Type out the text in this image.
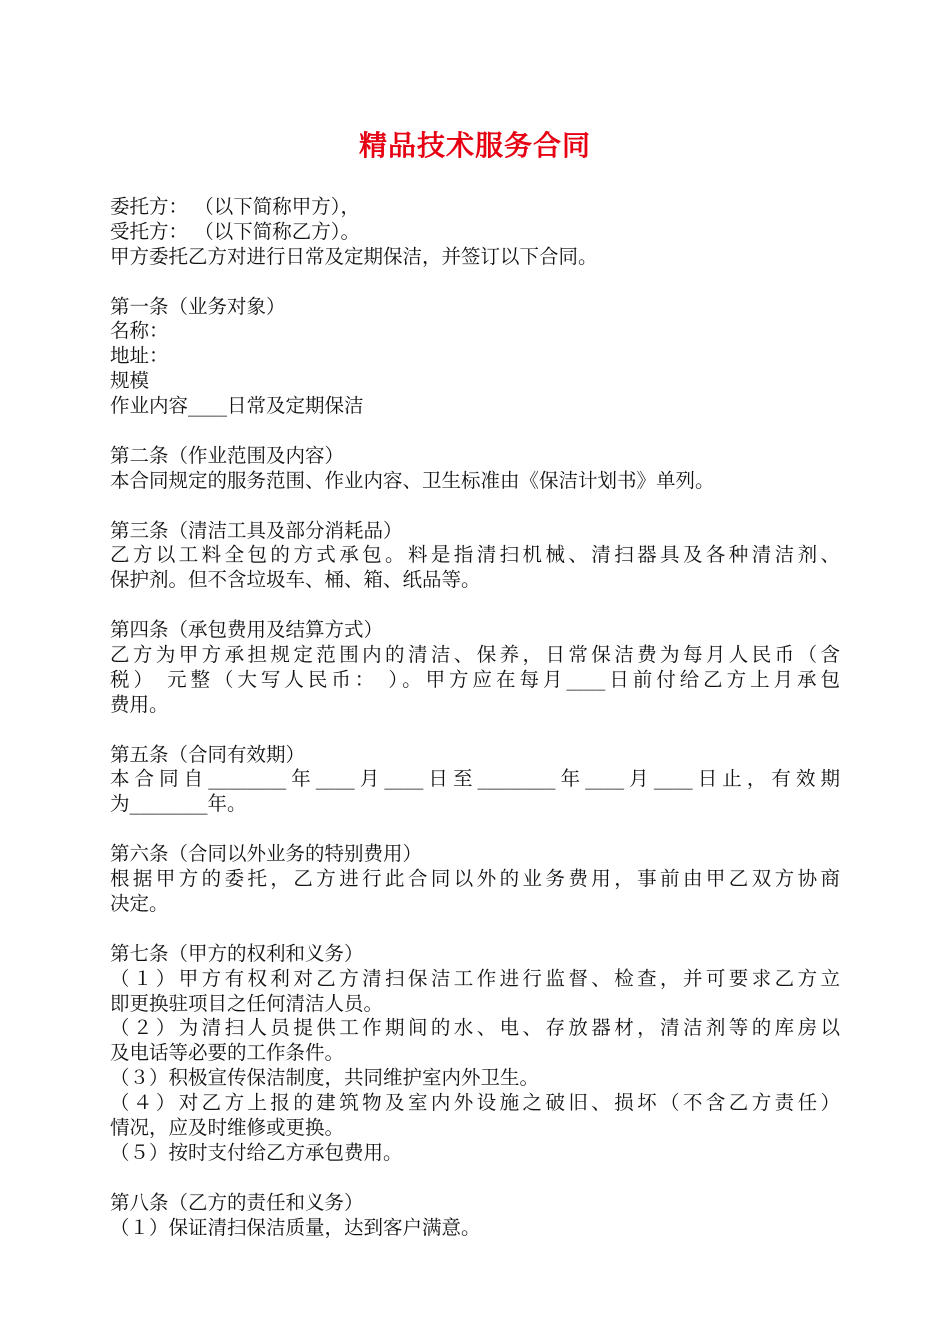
精品技术服务合同
委托方： （以下简称甲方），
受托方： （以下简称乙方）。
甲方委托乙方对进行日常及定期保洁，并签订以下合同。
第一条（业务对象）
名称：
地址：
规模
作业内容____日常及定期保洁
第二条（作业范围及内容）
本合同规定的服务范围、作业内容、卫生标准由《保洁计划书》单列。
第三条（清洁工具及部分消耗品）
乙方以工料全包的方式承包。料是指清扫机械、清扫器具及各种清洁剂、
保护剂。但不含垃圾车、桶、箱、纸品等。
第四条（承包费用及结算方式）
乙方为甲方承担规定范围内的清洁、保养，日常保洁费为每月人民币（含
税） 元整（大写人民币： ）。甲方应在每月____日前付给乙方上月承包
费用。
第五条（合同有效期）
本合同自________年____月____日至________年____月____日止，有效期
为________年。
第六条（合同以外业务的特别费用）
根据甲方的委托，乙方进行此合同以外的业务费用，事前由甲乙双方协商
决定。
第七条（甲方的权利和义务）
（１）甲方有权利对乙方清扫保洁工作进行监督、检查，并可要求乙方立
即更换驻项目之任何清洁人员。
（２）为清扫人员提供工作期间的水、电、存放器材，清洁剂等的库房以
及电话等必要的工作条件。
（３）积极宣传保洁制度，共同维护室内外卫生。
（４）对乙方上报的建筑物及室内外设施之破旧、损坏（不含乙方责任）
情况，应及时维修或更换。
（５）按时支付给乙方承包费用。
第八条（乙方的责任和义务）
（１）保证清扫保洁质量，达到客户满意。
